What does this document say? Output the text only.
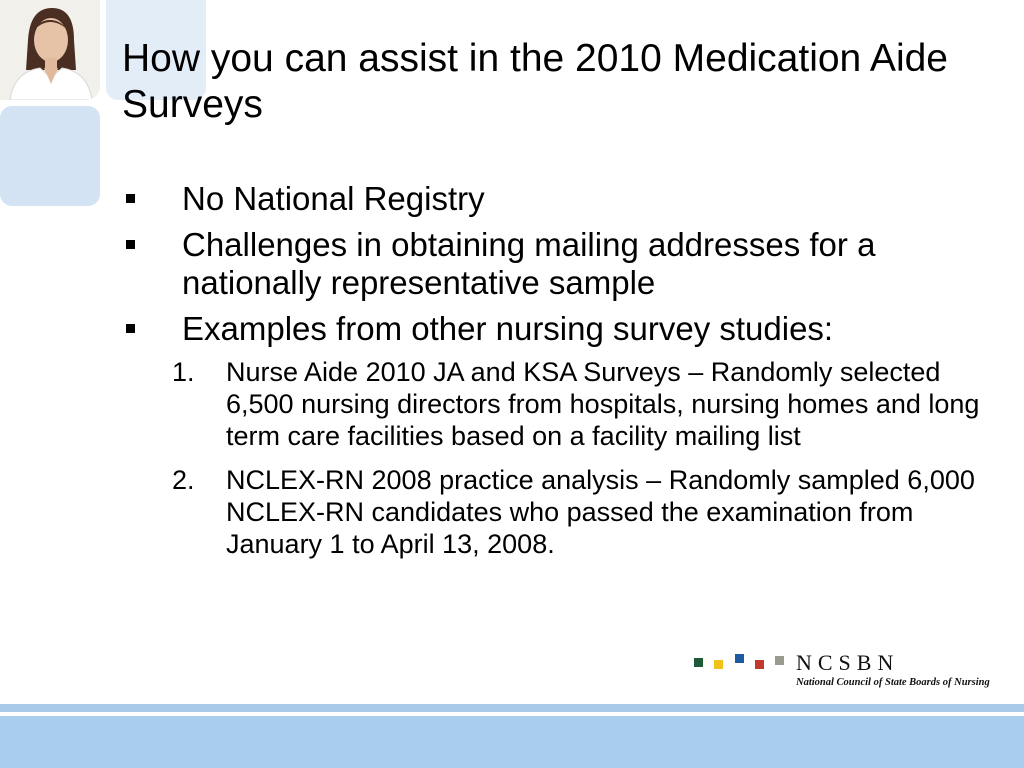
How you can assist in the 2010 Medication Aide Surveys
No National Registry
Challenges in obtaining mailing addresses for a nationally representative sample
Examples from other nursing survey studies:
1. Nurse Aide 2010 JA and KSA Surveys – Randomly selected 6,500 nursing directors from hospitals, nursing homes and long term care facilities based on a facility mailing list
2. NCLEX-RN 2008 practice analysis – Randomly sampled 6,000 NCLEX-RN candidates who passed the examination from January 1 to April 13, 2008.
NCSBN
National Council of State Boards of Nursing
